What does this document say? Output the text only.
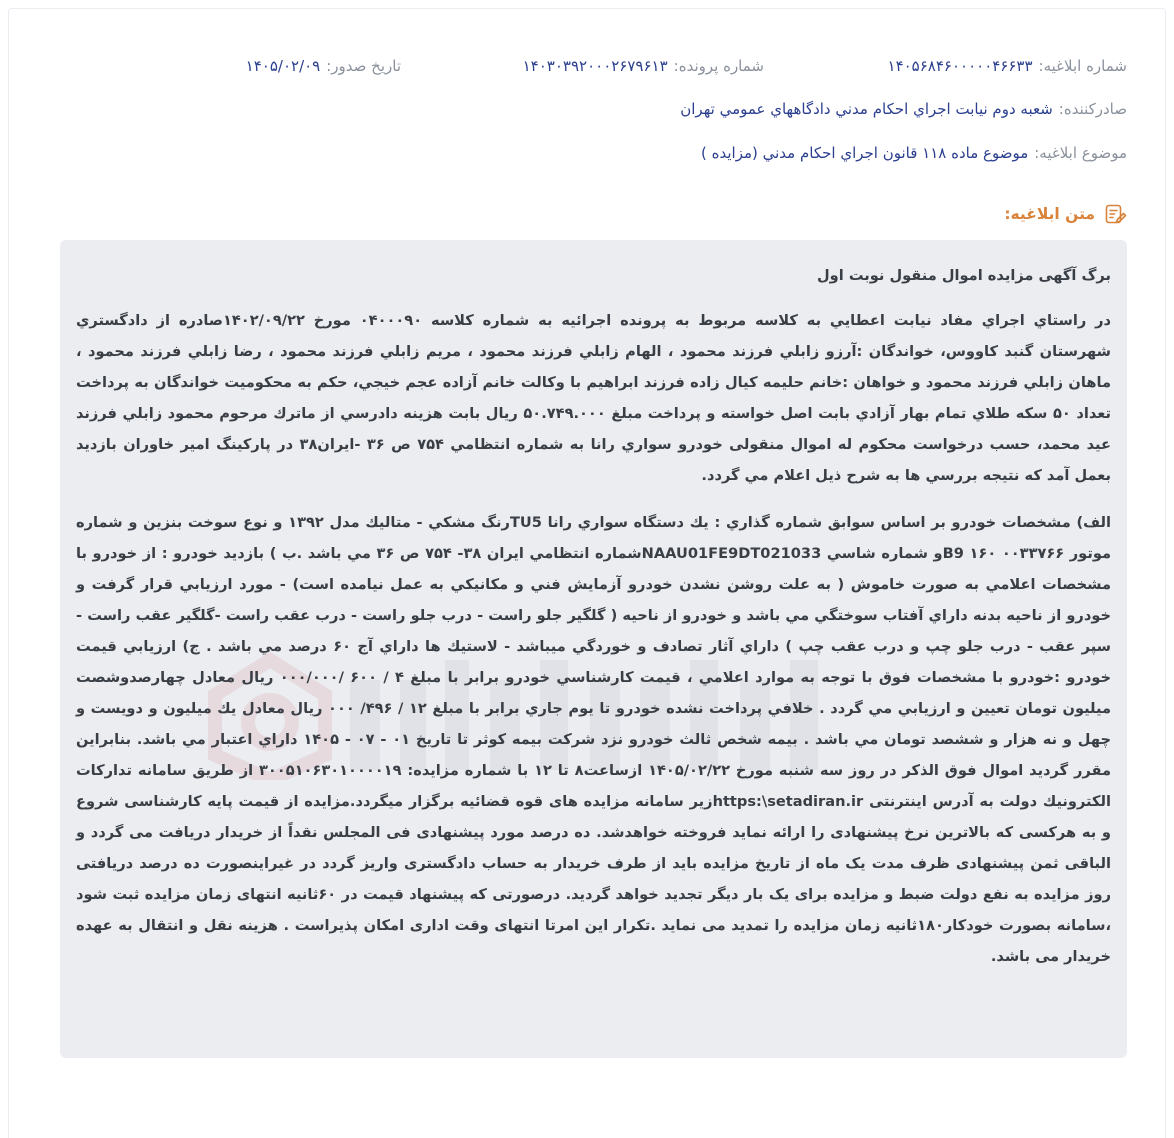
شماره ابلاغيه:
۱۴۰۵۶۸۴۶۰۰۰۰۰۴۶۶۳۳
شماره پرونده:
۱۴۰۳۰۳۹۲۰۰۰۲۶۷۹۶۱۳
تاريخ صدور:
۱۴۰۵/۰۲/۰۹
صادرکننده:
شعبه دوم نيابت اجراي احكام مدني دادگاههاي عمومي تهران
موضوع ابلاغيه:
موضوع ماده ۱۱۸ قانون اجراي احکام مدني (مزايده )
متن ابلاغیه:

برگ آگهی مزایده اموال منقول نوبت اول

در راستاي اجراي مفاد نيابت اعطايي به كلاسه مربوط به پرونده اجرائيه به شماره كلاسه ۰۴۰۰۰۹۰ مورخ ۱۴۰۲/۰۹/۲۲صادره از دادگستري شهرستان گنبد كاووس، خواندگان :آرزو زابلي فرزند محمود ، الهام زابلي فرزند محمود ، مريم زابلي فرزند محمود ، رضا زابلي فرزند محمود ، ماهان زابلي فرزند محمود و خواهان :خانم حليمه كيال زاده فرزند ابراهيم با وكالت خانم آزاده عجم خيجي، حكم به محكوميت خواندگان به پرداخت تعداد ۵۰ سكه طلاي تمام بهار آزادي بابت اصل خواسته و پرداخت مبلغ ۵۰.۷۴۹.۰۰۰ ريال بابت هزينه دادرسي از ماترك مرحوم محمود زابلي فرزند عيد محمد، حسب درخواست محكوم له اموال منقولی خودرو سواري رانا به شماره انتظامي ۷۵۴ ص ۳۶ -ايران۳۸ در پاركينگ امير خاوران بازديد بعمل آمد كه نتيجه بررسي ها به شرح ذيل اعلام مي گردد.

الف) مشخصات خودرو بر اساس سوابق شماره گذاري : يك دستگاه سواري رانا TU5رنگ مشكي - متاليك مدل ۱۳۹۲ و نوع سوخت بنزين و شماره موتور ۰۰۳۳۷۶۶ ۱۶۰ B9و شماره شاسي NAAU01FE9DT021033شماره انتظامي ايران ۳۸- ۷۵۴ ص ۳۶ مي باشد .ب ) بازديد خودرو : از خودرو با مشخصات اعلامي به صورت خاموش ( به علت روشن نشدن خودرو آزمايش فني و مكانيكي به عمل نيامده است) - مورد ارزيابي قرار گرفت و خودرو از ناحيه بدنه داراي آفتاب سوختگي مي باشد و خودرو از ناحيه ( گلگير جلو راست - درب جلو راست - درب عقب راست -گلگير عقب راست - سپر عقب - درب جلو چپ و درب عقب چپ ) داراي آثار تصادف و خوردگي ميباشد - لاستيك ها داراي آج ۶۰ درصد مي باشد . ج) ارزيابي قيمت خودرو :خودرو با مشخصات فوق با توجه به موارد اعلامي ، قيمت كارشناسي خودرو برابر با مبلغ ۴ / ۶۰۰ /۰۰۰/۰۰۰ ريال معادل چهارصدوشصت ميليون تومان تعيين و ارزيابي مي گردد . خلافي پرداخت نشده خودرو تا يوم جاري برابر با مبلغ ۱۲ / ۴۹۶/ ۰۰۰ ريال معادل يك ميليون و دويست و چهل و نه هزار و ششصد تومان مي باشد . بيمه شخص ثالث خودرو نزد شركت بيمه كوثر تا تاريخ ۰۱ - ۰۷ - ۱۴۰۵ داراي اعتبار مي باشد. بنابراين مقرر گرديد اموال فوق الذكر در روز سه شنبه مورخ ۱۴۰۵/۰۲/۲۲ ازساعت۸ تا ۱۲ با شماره مزايده: ۳۰۰۵۱۰۶۳۰۱۰۰۰۰۱۹ از طريق سامانه تداركات الكترونيك دولت به آدرس اينترنتی https:\setadiran.irزير سامانه مزایده های قوه قضائیه برگزار ميگردد.مزایده از قیمت پایه کارشناسی شروع و به هرکسی که بالاترین نرخ پیشنهادی را ارائه نماید فروخته خواهدشد. ده درصد مورد پیشنهادی فی المجلس نقداً از خریدار دریافت می گردد و الباقی ثمن پیشنهادی ظرف مدت یک ماه از تاریخ مزایده باید از طرف خریدار به حساب دادگستری واریز گردد در غیراینصورت ده درصد دریافتی روز مزایده به نفع دولت ضبط و مزایده برای یک بار دیگر تجدید خواهد گردید. درصورتی که پیشنهاد قیمت در ۶۰ثانیه انتهای زمان مزایده ثبت شود ،سامانه بصورت خودکار۱۸۰ثانیه زمان مزایده را تمدید می نماید .تکرار این امرتا انتهای وقت اداری امکان پذیراست . هزینه نقل و انتقال به عهده خریدار می باشد.
